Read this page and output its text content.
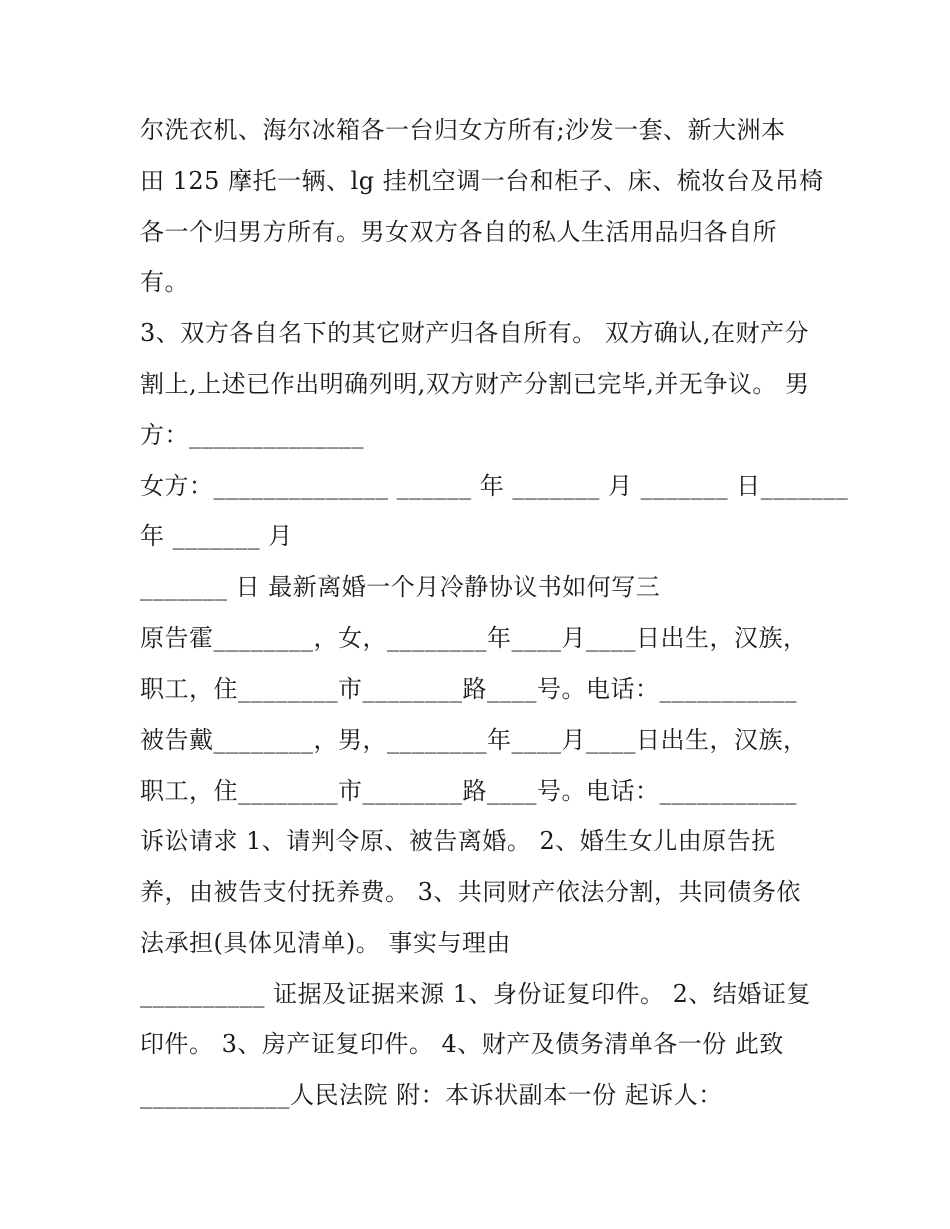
尔洗衣机、海尔冰箱各一台归女方所有;沙发一套、新大洲本
田 125 摩托一辆、lg 挂机空调一台和柜子、床、梳妆台及吊椅
各一个归男方所有。男女双方各自的私人生活用品归各自所
有。
3、双方各自名下的其它财产归各自所有。 双方确认,在财产分
割上,上述已作出明确列明,双方财产分割已完毕,并无争议。 男
方：______________
女方：______________ ______ 年 _______ 月 _______ 日_______
年 _______ 月
_______ 日 最新离婚一个月冷静协议书如何写三
原告霍________，女，________年____月____日出生，汉族，
职工，住________市________路____号。电话：___________
被告戴________，男，________年____月____日出生，汉族，
职工，住________市________路____号。电话：___________
诉讼请求 1、请判令原、被告离婚。 2、婚生女儿由原告抚
养，由被告支付抚养费。 3、共同财产依法分割，共同债务依
法承担(具体见清单)。 事实与理由
__________ 证据及证据来源 1、身份证复印件。 2、结婚证复
印件。 3、房产证复印件。 4、财产及债务清单各一份 此致
____________人民法院 附：本诉状副本一份 起诉人：
